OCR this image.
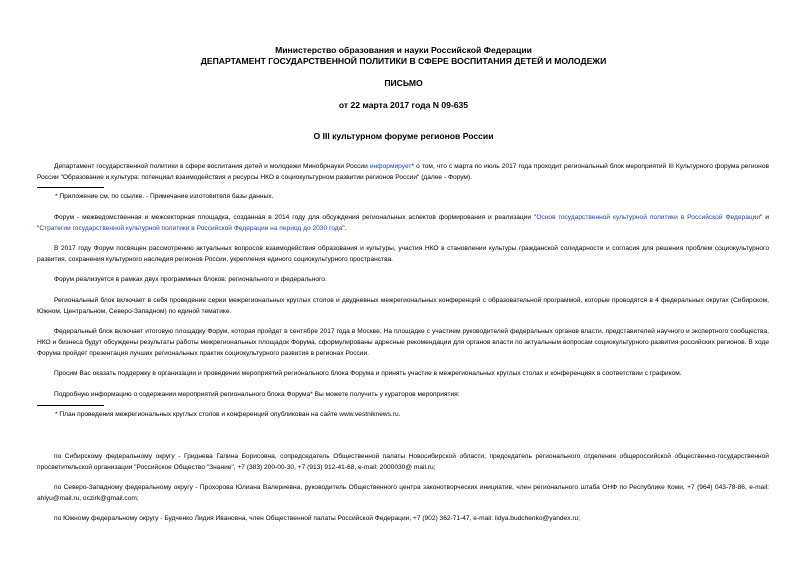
Министерство образования и науки Российской Федерации
ДЕПАРТАМЕНТ ГОСУДАРСТВЕННОЙ ПОЛИТИКИ В СФЕРЕ ВОСПИТАНИЯ ДЕТЕЙ И МОЛОДЕЖИ
ПИСЬМО
от 22 марта 2017 года N 09-635
О III культурном форуме регионов России
Департамент государственной политики в сфере воспитания детей и молодежи Минобрнауки России информирует* о том, что с марта по июль 2017 года проходит региональный блок мероприятий III Культурного форума регионов России "Образование и культура: потенциал взаимодействия и ресурсы НКО в социокультурном развитии регионов России" (далее - Форум).
* Приложение см. по ссылке. - Примечание изготовителя базы данных.
Форум - межведомственная и межсекторная площадка, созданная в 2014 году для обсуждения региональных аспектов формирования и реализации "Основ государственной культурной политики в Российской Федерации" и "Стратегии государственной культурной политики в Российской Федерации на период до 2030 года".
В 2017 году Форум посвящен рассмотрению актуальных вопросов взаимодействия образования и культуры, участия НКО в становлении культуры гражданской солидарности и согласия для решения проблем социокультурного развития, сохранения культурного наследия регионов России, укрепления единого социокультурного пространства.
Форум реализуется в рамках двух программных блоков: регионального и федерального.
Региональный блок включает в себя проведение серии межрегиональных круглых столов и двудневных межрегиональных конференций с образовательной программой, которые проводятся в 4 федеральных округах (Сибирском, Южном, Центральном, Северо-Западном) по единой тематике.
Федеральный блок включает итоговую площадку Форум, которая пройдет в сентябре 2017 года в Москве. На площадке с участием руководителей федеральных органов власти, представителей научного и экспертного сообщества, НКО и бизнеса будут обсуждены результаты работы межрегиональных площадок Форума, сформулированы адресные рекомендации для органов власти по актуальным вопросам социокультурного развития российских регионов. В ходе Форума пройдет презентация лучших региональных практик социокультурного развития в регионах России.
Просим Вас оказать поддержку в организации и проведении мероприятий регионального блока Форума и принять участие в межрегиональных круглых столах и конференциях в соответствии с графиком.
Подробную информацию о содержании мероприятий регионального блока Форума* Вы можете получить у кураторов мероприятия:
* План проведения межрегиональных круглых столов и конференций опубликован на сайте www.vestniknews.ru.
по Сибирскому федеральному округу - Гриднева Галина Борисовна, сопредседатель Общественной палаты Новосибирской области, председатель регионального отделения общероссийской общественно-государственной просветительской организации "Российское Общество "Знание", +7 (383) 200-00-30, +7 (913) 912-41-68, e-mail: 2000030@ mail.ru;
по Северо-Западному федеральному округу - Прохорова Юлиана Валериевна, руководитель Общественного центра законотворческих инициатив, член регионального штаба ОНФ по Республике Коми, +7 (964) 043-78-86, e-mail: ahlyu@mail.ru, oczirk@gmail.com;
по Южному федеральному округу - Будченко Лидия Ивановна, член Общественной палаты Российской Федерации, +7 (902) 362-71-47, e-mail: lidya.budchenko@yandex.ru;
